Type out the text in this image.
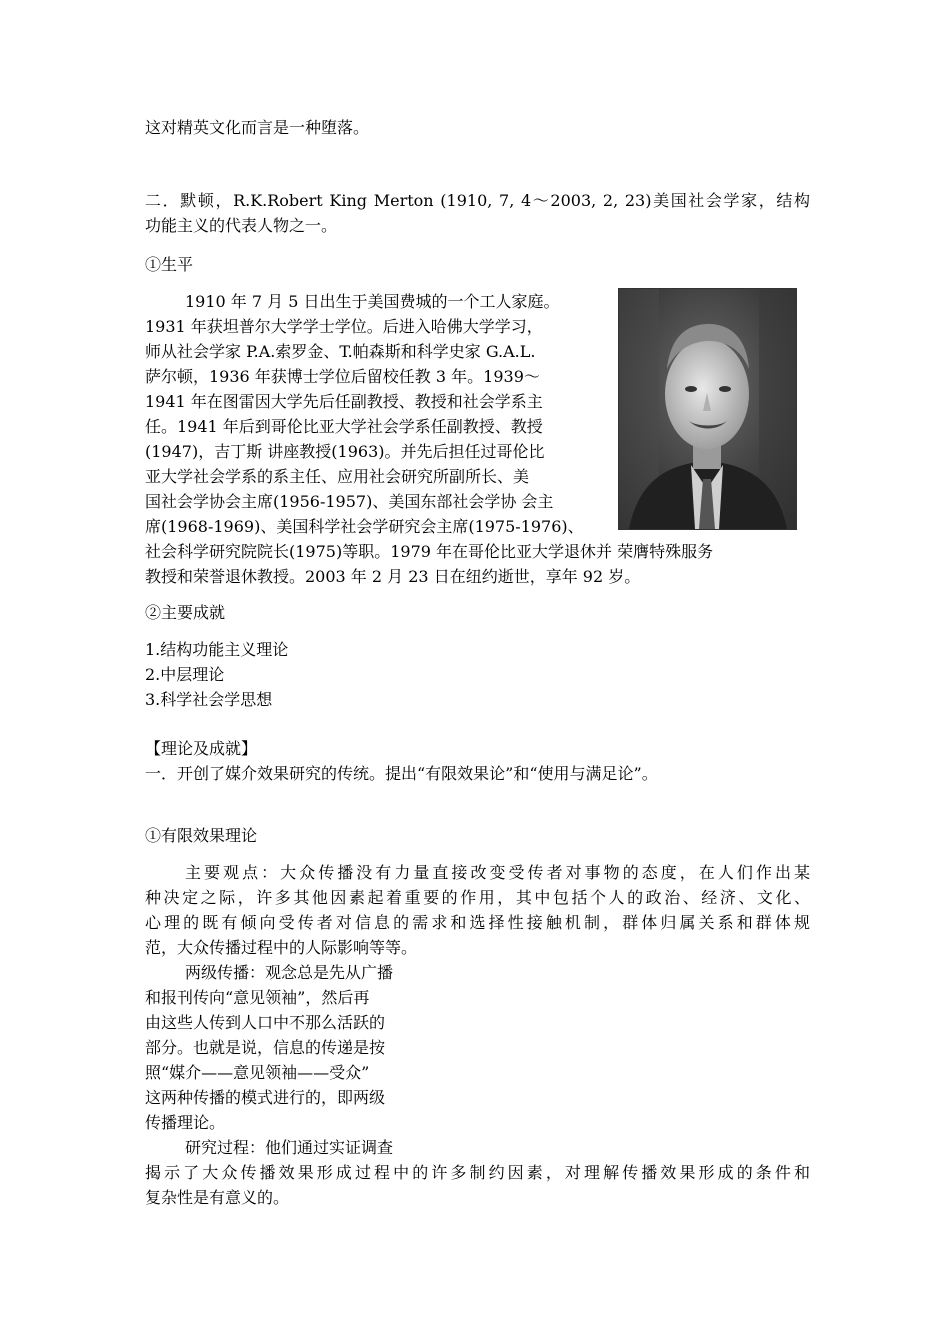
这对精英文化而言是一种堕落。
二．默顿，R.K.Robert King Merton (1910, 7, 4～2003, 2, 23)美国社会学家，结构
功能主义的代表人物之一。
①生平
1910 年 7 月 5 日出生于美国费城的一个工人家庭。
1931 年获坦普尔大学学士学位。后进入哈佛大学学习，
师从社会学家 P.A.索罗金、T.帕森斯和科学史家 G.A.L.
萨尔顿，1936 年获博士学位后留校任教 3 年。1939～
1941 年在图雷因大学先后任副教授、教授和社会学系主
任。1941 年后到哥伦比亚大学社会学系任副教授、教授
(1947)，吉丁斯 讲座教授(1963)。并先后担任过哥伦比
亚大学社会学系的系主任、应用社会研究所副所长、美
国社会学协会主席(1956-1957)、美国东部社会学协 会主
席(1968-1969)、美国科学社会学研究会主席(1975-1976)、
社会科学研究院院长(1975)等职。1979 年在哥伦比亚大学退休并 荣膺特殊服务
教授和荣誉退休教授。2003 年 2 月 23 日在纽约逝世，享年 92 岁。
②主要成就
1.结构功能主义理论
2.中层理论
3.科学社会学思想
【理论及成就】
一．开创了媒介效果研究的传统。提出“有限效果论”和“使用与满足论”。
①有限效果理论
主要观点：大众传播没有力量直接改变受传者对事物的态度，在人们作出某
种决定之际，许多其他因素起着重要的作用，其中包括个人的政治、经济、文化、
心理的既有倾向受传者对信息的需求和选择性接触机制，群体归属关系和群体规
范，大众传播过程中的人际影响等等。
两级传播：观念总是先从广播
和报刊传向“意见领袖”，然后再
由这些人传到人口中不那么活跃的
部分。也就是说，信息的传递是按
照“媒介——意见领袖——受众”
这两种传播的模式进行的，即两级
传播理论。
研究过程：他们通过实证调查
揭示了大众传播效果形成过程中的许多制约因素，对理解传播效果形成的条件和
复杂性是有意义的。
